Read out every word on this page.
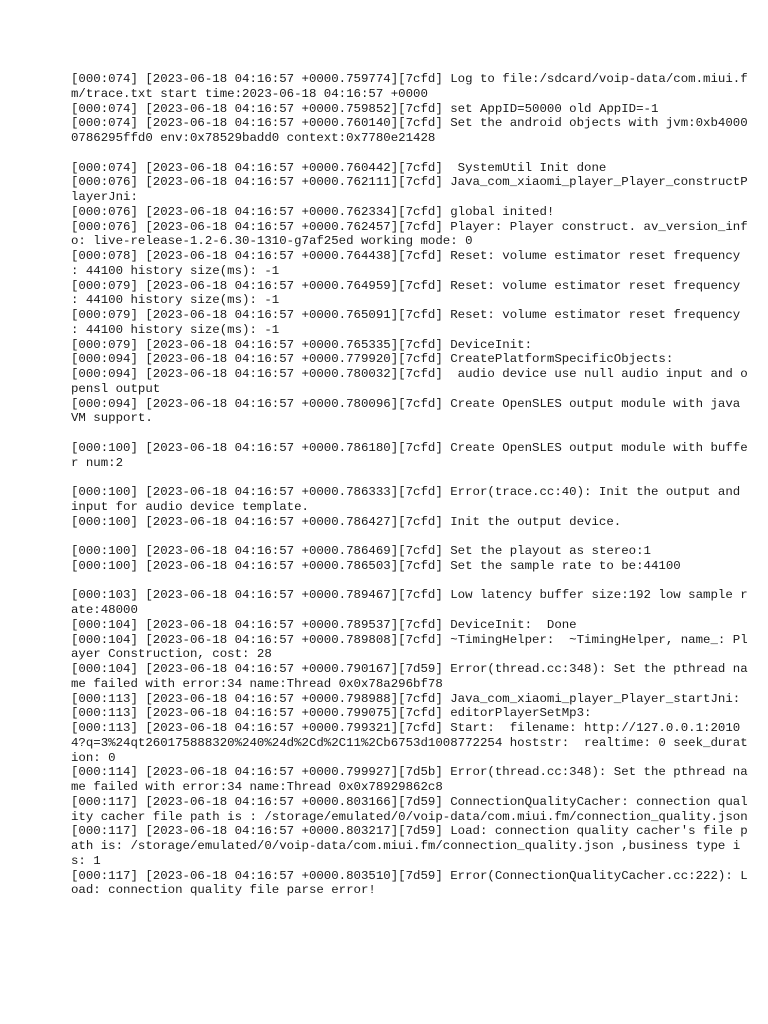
[000:074] [2023-06-18 04:16:57 +0000.759774][7cfd] Log to file:/sdcard/voip-data/com.miui.fm/trace.txt start time:2023-06-18 04:16:57 +0000
[000:074] [2023-06-18 04:16:57 +0000.759852][7cfd] set AppID=50000 old AppID=-1
[000:074] [2023-06-18 04:16:57 +0000.760140][7cfd] Set the android objects with jvm:0xb40000786295ffd0 env:0x78529badd0 context:0x7780e21428
[000:074] [2023-06-18 04:16:57 +0000.760442][7cfd]  SystemUtil Init done
[000:076] [2023-06-18 04:16:57 +0000.762111][7cfd] Java_com_xiaomi_player_Player_constructPlayerJni:
[000:076] [2023-06-18 04:16:57 +0000.762334][7cfd] global inited!
[000:076] [2023-06-18 04:16:57 +0000.762457][7cfd] Player: Player construct. av_version_info: live-release-1.2-6.30-1310-g7af25ed working mode: 0
[000:078] [2023-06-18 04:16:57 +0000.764438][7cfd] Reset: volume estimator reset frequency : 44100 history size(ms): -1
[000:079] [2023-06-18 04:16:57 +0000.764959][7cfd] Reset: volume estimator reset frequency : 44100 history size(ms): -1
[000:079] [2023-06-18 04:16:57 +0000.765091][7cfd] Reset: volume estimator reset frequency : 44100 history size(ms): -1
[000:079] [2023-06-18 04:16:57 +0000.765335][7cfd] DeviceInit:
[000:094] [2023-06-18 04:16:57 +0000.779920][7cfd] CreatePlatformSpecificObjects:
[000:094] [2023-06-18 04:16:57 +0000.780032][7cfd]  audio device use null audio input and opensl output
[000:094] [2023-06-18 04:16:57 +0000.780096][7cfd] Create OpenSLES output module with java VM support.
[000:100] [2023-06-18 04:16:57 +0000.786180][7cfd] Create OpenSLES output module with buffer num:2
[000:100] [2023-06-18 04:16:57 +0000.786333][7cfd] Error(trace.cc:40): Init the output and input for audio device template.
[000:100] [2023-06-18 04:16:57 +0000.786427][7cfd] Init the output device.
[000:100] [2023-06-18 04:16:57 +0000.786469][7cfd] Set the playout as stereo:1
[000:100] [2023-06-18 04:16:57 +0000.786503][7cfd] Set the sample rate to be:44100
[000:103] [2023-06-18 04:16:57 +0000.789467][7cfd] Low latency buffer size:192 low sample rate:48000
[000:104] [2023-06-18 04:16:57 +0000.789537][7cfd] DeviceInit:  Done
[000:104] [2023-06-18 04:16:57 +0000.789808][7cfd] ~TimingHelper:  ~TimingHelper, name_: Player Construction, cost: 28
[000:104] [2023-06-18 04:16:57 +0000.790167][7d59] Error(thread.cc:348): Set the pthread name failed with error:34 name:Thread 0x0x78a296bf78
[000:113] [2023-06-18 04:16:57 +0000.798988][7cfd] Java_com_xiaomi_player_Player_startJni:
[000:113] [2023-06-18 04:16:57 +0000.799075][7cfd] editorPlayerSetMp3:
[000:113] [2023-06-18 04:16:57 +0000.799321][7cfd] Start:  filename: http://127.0.0.1:20104?q=3%24qt260175888320%240%24d%2Cd%2C11%2Cb6753d1008772254 hoststr:  realtime: 0 seek_duration: 0
[000:114] [2023-06-18 04:16:57 +0000.799927][7d5b] Error(thread.cc:348): Set the pthread name failed with error:34 name:Thread 0x0x78929862c8
[000:117] [2023-06-18 04:16:57 +0000.803166][7d59] ConnectionQualityCacher: connection quality cacher file path is : /storage/emulated/0/voip-data/com.miui.fm/connection_quality.json
[000:117] [2023-06-18 04:16:57 +0000.803217][7d59] Load: connection quality cacher's file path is: /storage/emulated/0/voip-data/com.miui.fm/connection_quality.json ,business type is: 1
[000:117] [2023-06-18 04:16:57 +0000.803510][7d59] Error(ConnectionQualityCacher.cc:222): Load: connection quality file parse error!
